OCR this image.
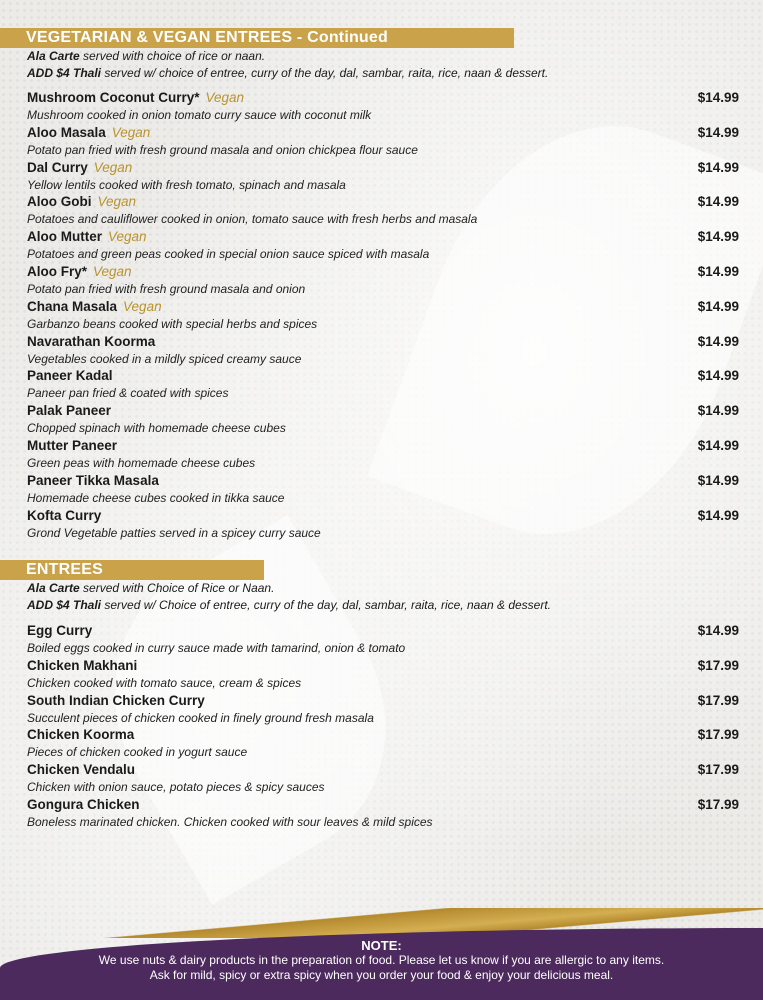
VEGETARIAN & VEGAN ENTREES - Continued
Ala Carte served with choice of rice or naan.
ADD $4 Thali served w/ choice of entree, curry of the day, dal, sambar, raita, rice, naan & dessert.
Mushroom Coconut Curry* Vegan
Mushroom cooked in onion tomato curry sauce with coconut milk
$14.99
Aloo Masala Vegan
Potato pan fried with fresh ground masala and onion chickpea flour sauce
$14.99
Dal Curry Vegan
Yellow lentils cooked with fresh tomato, spinach and masala
$14.99
Aloo Gobi Vegan
Potatoes and cauliflower cooked in onion, tomato sauce with fresh herbs and masala
$14.99
Aloo Mutter Vegan
Potatoes and green peas cooked in special onion sauce spiced with masala
$14.99
Aloo Fry* Vegan
Potato pan fried with fresh ground masala and onion
$14.99
Chana Masala Vegan
Garbanzo beans cooked with special herbs and spices
$14.99
Navarathan Koorma
Vegetables cooked in a mildly spiced creamy sauce
$14.99
Paneer Kadal
Paneer pan fried & coated with spices
$14.99
Palak Paneer
Chopped spinach with homemade cheese cubes
$14.99
Mutter Paneer
Green peas with homemade cheese cubes
$14.99
Paneer Tikka Masala
Homemade cheese cubes cooked in tikka sauce
$14.99
Kofta Curry
Grond Vegetable patties served in a spicey curry sauce
$14.99
ENTREES
Ala Carte served with Choice of Rice or Naan.
ADD $4 Thali served w/ Choice of entree, curry of the day, dal, sambar, raita, rice, naan & dessert.
Egg Curry
Boiled eggs cooked in curry sauce made with tamarind, onion & tomato
$14.99
Chicken Makhani
Chicken cooked with tomato sauce, cream & spices
$17.99
South Indian Chicken Curry
Succulent pieces of chicken cooked in finely ground fresh masala
$17.99
Chicken Koorma
Pieces of chicken cooked in yogurt sauce
$17.99
Chicken Vendalu
Chicken with onion sauce, potato pieces & spicy sauces
$17.99
Gongura Chicken
Boneless marinated chicken. Chicken cooked with sour leaves & mild spices
$17.99
NOTE:
We use nuts & dairy products in the preparation of food. Please let us know if you are allergic to any items.
Ask for mild, spicy or extra spicy when you order your food & enjoy your delicious meal.
